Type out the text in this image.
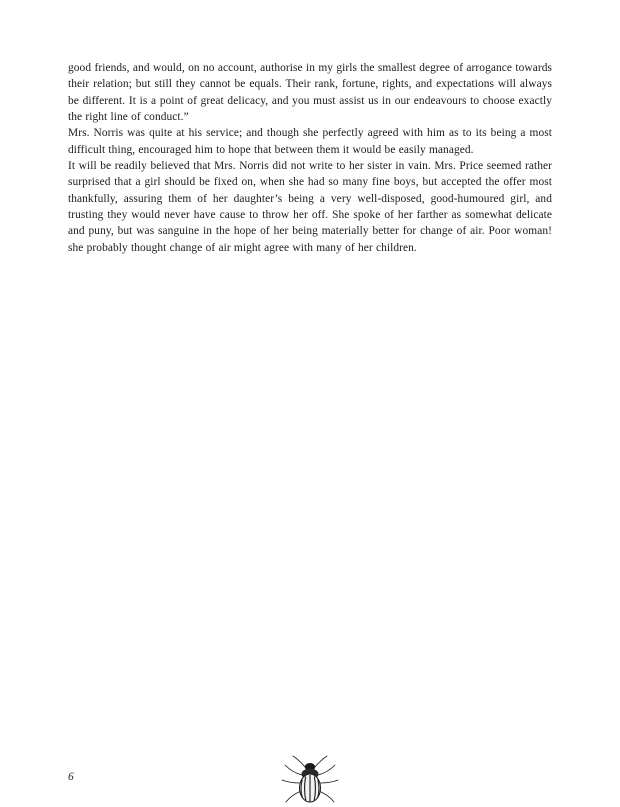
good friends, and would, on no account, authorise in my girls the smallest degree of arrogance towards their relation; but still they cannot be equals. Their rank, fortune, rights, and expectations will always be different. It is a point of great delicacy, and you must assist us in our endeavours to choose exactly the right line of conduct.”

Mrs. Norris was quite at his service; and though she perfectly agreed with him as to its being a most difficult thing, encouraged him to hope that between them it would be easily managed.

It will be readily believed that Mrs. Norris did not write to her sister in vain. Mrs. Price seemed rather surprised that a girl should be fixed on, when she had so many fine boys, but accepted the offer most thankfully, assuring them of her daughter’s being a very well-disposed, good-humoured girl, and trusting they would never have cause to throw her off. She spoke of her farther as somewhat delicate and puny, but was sanguine in the hope of her being materially better for change of air. Poor woman! she probably thought change of air might agree with many of her children.

6
